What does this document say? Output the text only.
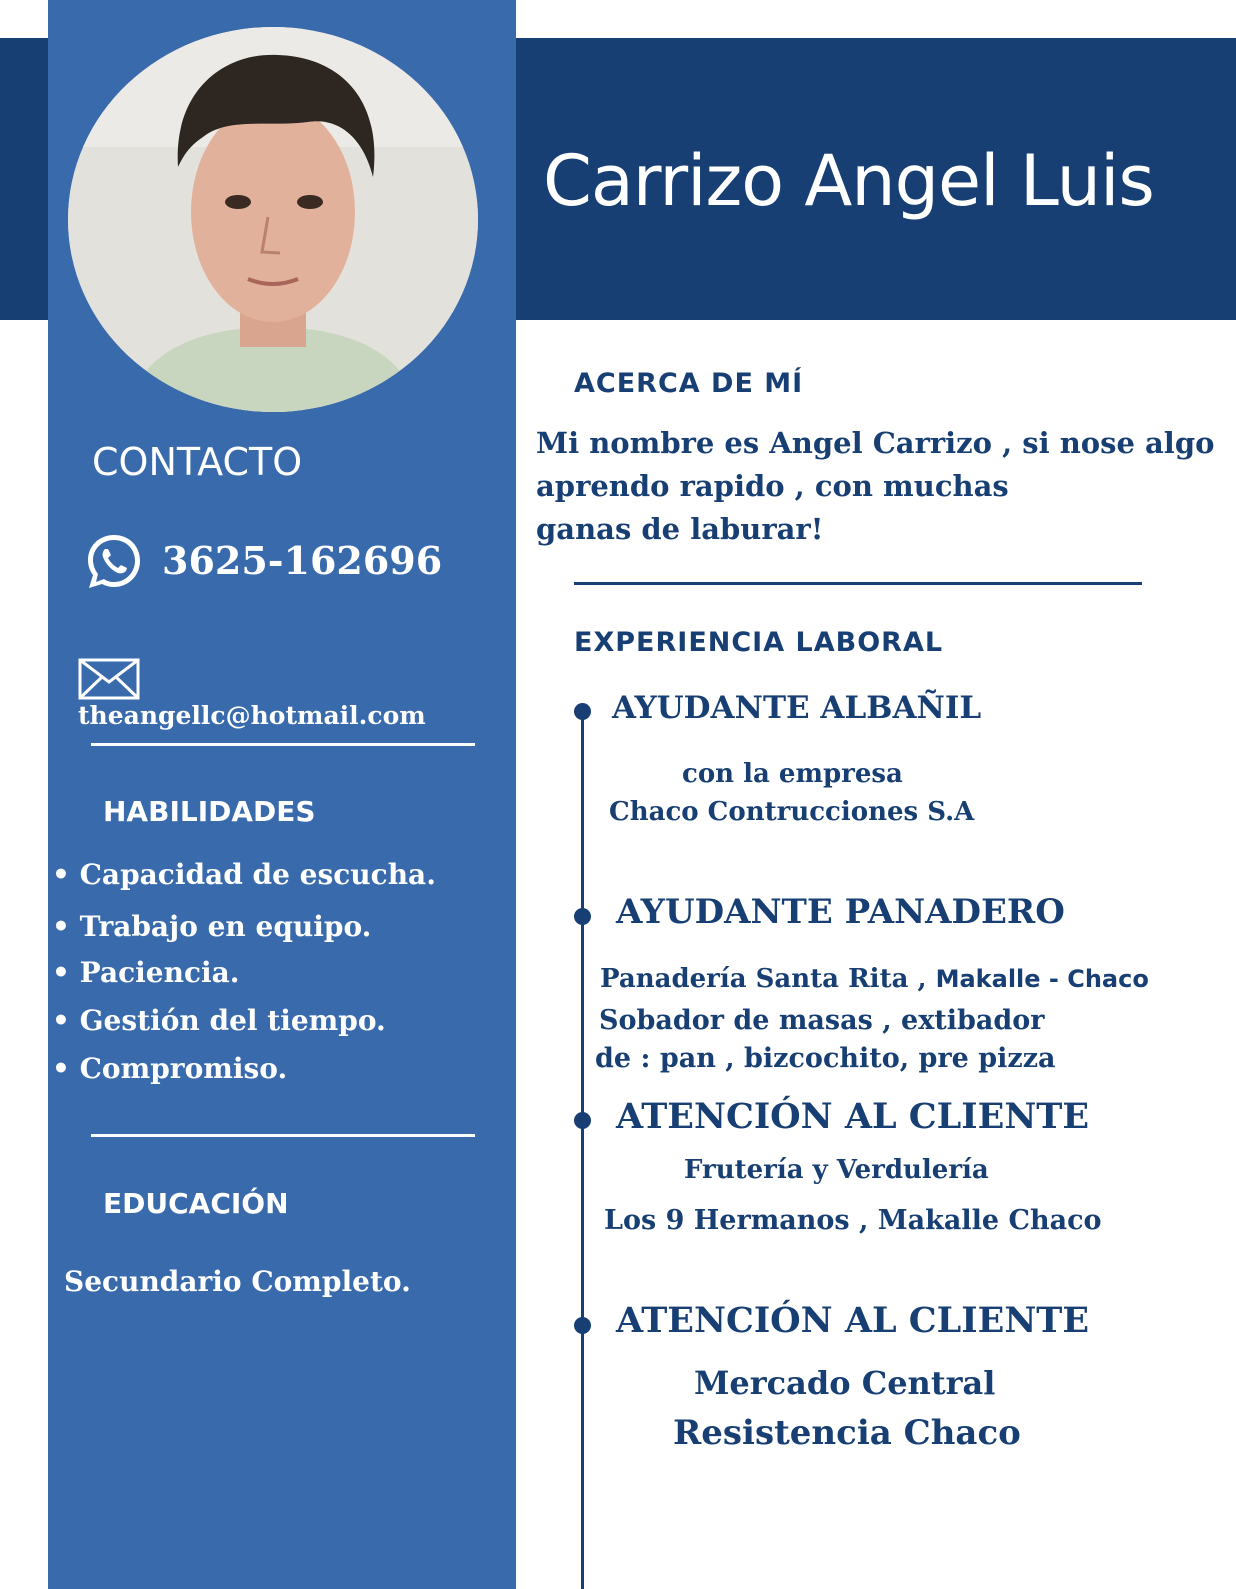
Carrizo Angel Luis
CONTACTO
3625-162696
theangellc@hotmail.com
HABILIDADES
• Capacidad de escucha.
• Trabajo en equipo.
• Paciencia.
• Gestión del tiempo.
• Compromiso.
EDUCACIÓN
Secundario Completo.
ACERCA DE MÍ
Mi nombre es Angel Carrizo , si nose algo
aprendo rapido , con muchas
ganas de laburar!
EXPERIENCIA LABORAL
AYUDANTE ALBAÑIL
con la empresa
Chaco Contrucciones S.A
AYUDANTE PANADERO
Panadería Santa Rita , Makalle - Chaco
Sobador de masas , extibador
de : pan , bizcochito, pre pizza
ATENCIÓN AL CLIENTE
Frutería y Verdulería
Los 9 Hermanos , Makalle Chaco
ATENCIÓN AL CLIENTE
Mercado Central
Resistencia Chaco
